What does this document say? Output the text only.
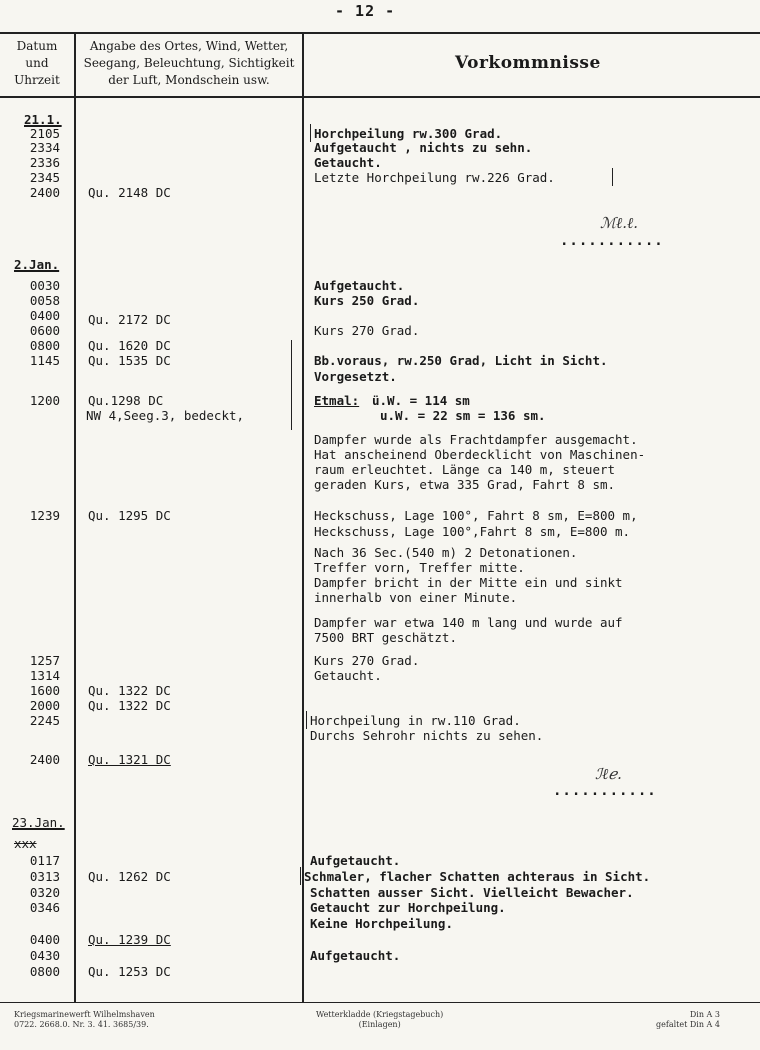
- 12 -
Datum
und
Uhrzeit
Angabe des Ortes, Wind, Wetter,
Seegang, Beleuchtung, Sichtigkeit
der Luft, Mondschein usw.
Vorkommnisse
21.1.
2105
2334
2336
2345
2400 Qu. 2148 DC
Horchpeilung rw.300 Grad.
Aufgetaucht , nichts zu sehn.
Getaucht.
Letzte Horchpeilung rw.226 Grad.
ℳℓ.ℓ.
...........
2.Jan.
0030
0058
0400
0600
0800
1145
Qu. 2172 DC
Qu. 1620 DC
Qu. 1535 DC
Aufgetaucht.
Kurs 250 Grad.
Kurs 270 Grad.
Bb.voraus, rw.250 Grad, Licht in Sicht.
Vorgesetzt.
1200 Qu.1298 DC
NW 4,Seeg.3, bedeckt,
Etmal: ü.W. = 114 sm
u.W. = 22 sm = 136 sm.
Dampfer wurde als Frachtdampfer ausgemacht.
Hat anscheinend Oberdecklicht von Maschinen-
raum erleuchtet. Länge ca 140 m, steuert
geraden Kurs, etwa 335 Grad, Fahrt 8 sm.
1239 Qu. 1295 DC	Heckschuss, Lage 100°, Fahrt 8 sm, E=800 m,
Heckschuss, Lage 100°,Fahrt 8 sm, E=800 m.
Nach 36 Sec.(540 m) 2 Detonationen.
Treffer vorn, Treffer mitte.
Dampfer bricht in der Mitte ein und sinkt
innerhalb von einer Minute.
Dampfer war etwa 140 m lang und wurde auf
7500 BRT geschätzt.
1257
1314
1600
2000
2245
Qu. 1322 DC
Qu. 1322 DC
Kurs 270 Grad.
Getaucht.
Horchpeilung in rw.110 Grad.
Durchs Sehrohr nichts zu sehen.
2400 Qu. 1321 DC
ℐℓℯ.
...........
23.Jan.
xxx
0117
0313
0320
0346
0400
0430
0800
Qu. 1262 DC
Qu. 1239 DC
Qu. 1253 DC
Aufgetaucht.
Schmaler, flacher Schatten achteraus in Sicht.
Schatten ausser Sicht. Vielleicht Bewacher.
Getaucht zur Horchpeilung.
Keine Horchpeilung.
Aufgetaucht.
Kriegsmarinewerft Wilhelmshaven
0722. 2668.0. Nr. 3. 41. 3685/39.
Wetterkladde (Kriegstagebuch)
(Einlagen)
Din A 3
gefaltet Din A 4
